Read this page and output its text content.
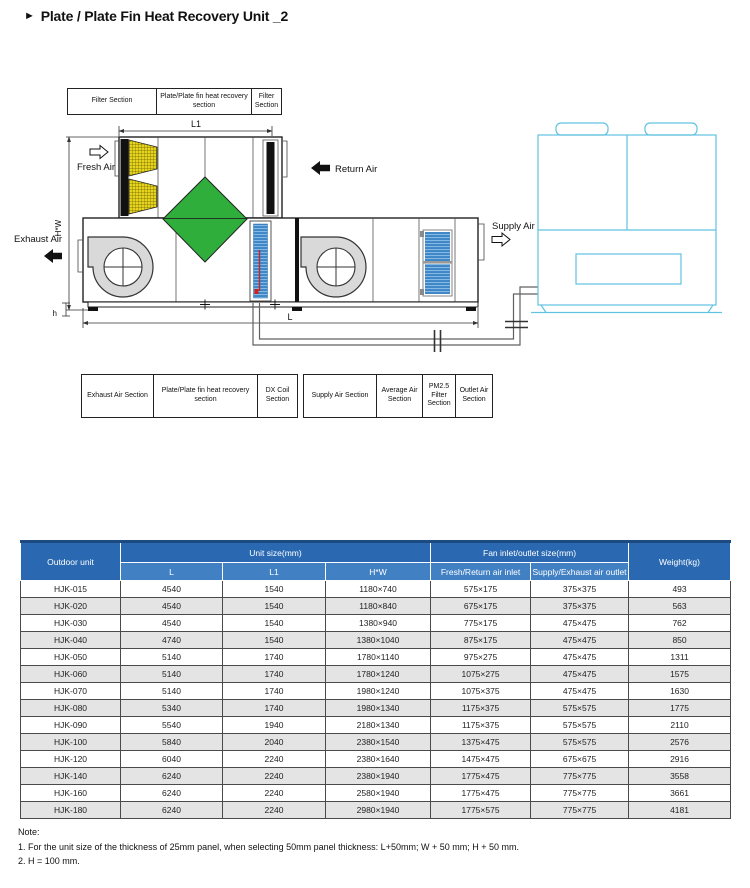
► Plate / Plate Fin Heat Recovery Unit _2
L1
L
H*W
h
Fresh Air	Return Air
Exhaust Air
Supply Air
Filter Section
Plate/Plate fin heat recovery section
Filter Section
Exhaust Air Section
Plate/Plate fin heat recovery section
DX Coil Section
Supply Air Section
Average Air Section
PM2.5 Filter Section
Outlet Air Section
Outdoor unit	Unit size(mm)			Fan inlet/outlet size(mm)		Weight(kg)
	L	L1	H*W	Fresh/Return air inlet	Supply/Exhaust air outlet	
HJK-015	4540	1540	1180×740	575×175	375×375	493
HJK-020	4540	1540	1180×840	675×175	375×375	563
HJK-030	4540	1540	1380×940	775×175	475×475	762
HJK-040	4740	1540	1380×1040	875×175	475×475	850
HJK-050	5140	1740	1780×1140	975×275	475×475	1311
HJK-060	5140	1740	1780×1240	1075×275	475×475	1575
HJK-070	5140	1740	1980×1240	1075×375	475×475	1630
HJK-080	5340	1740	1980×1340	1175×375	575×575	1775
HJK-090	5540	1940	2180×1340	1175×375	575×575	2110
HJK-100	5840	2040	2380×1540	1375×475	575×575	2576
HJK-120	6040	2240	2380×1640	1475×475	675×675	2916
HJK-140	6240	2240	2380×1940	1775×475	775×775	3558
HJK-160	6240	2240	2580×1940	1775×475	775×775	3661
HJK-180	6240	2240	2980×1940	1775×575	775×775	4181
Note:
1. For the unit size of the thickness of 25mm panel, when selecting 50mm panel thickness: L+50mm; W + 50 mm; H + 50 mm.
2. H = 100 mm.
